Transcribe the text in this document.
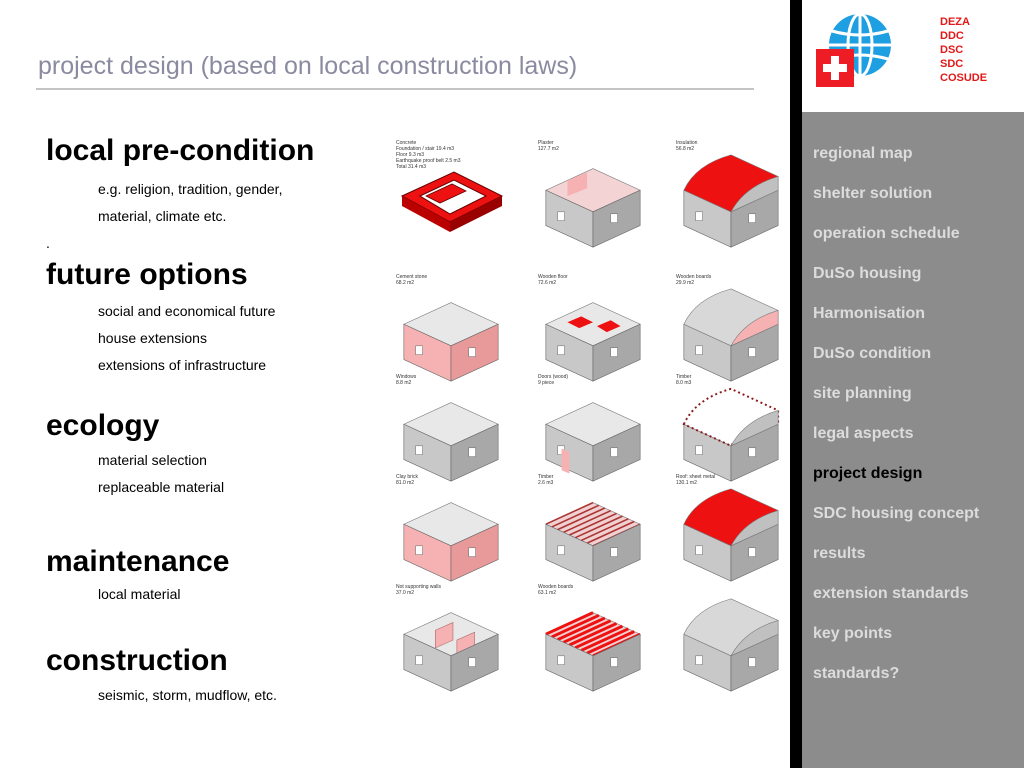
project design (based on local construction laws)
local pre-condition
e.g. religion, tradition, gender,
material, climate etc.
.
future options
social and economical future
house extensions
extensions of infrastructure
ecology
material selection
replaceable material
maintenance
local material
construction
seismic, storm, mudflow, etc.
Concrete
Foundation / stair 19.4 m3
Floor 9.3 m3
Earthquake proof belt 2.5 m3
Total 31.4 m3
Plaster
127.7 m2
Insulation
56.8 m2
Cement stone
68.2 m2
Wooden floor
72.6 m2
Wooden boards
29.9 m2
Windows
8.8 m2
Doors (wood)
9 piece
Timber
8.0 m3
Clay brick
81.0 m2
Timber
2.6 m3
Roof: sheet metal
130.1 m2
Not supporting walls
37.0 m2
Wooden boards
63.1 m2
DEZA
DDC
DSC
SDC
COSUDE
regional map
shelter solution
operation schedule
DuSo housing
Harmonisation
DuSo condition
site planning
legal aspects
project design
SDC housing concept
results
extension standards
key points
standards?
